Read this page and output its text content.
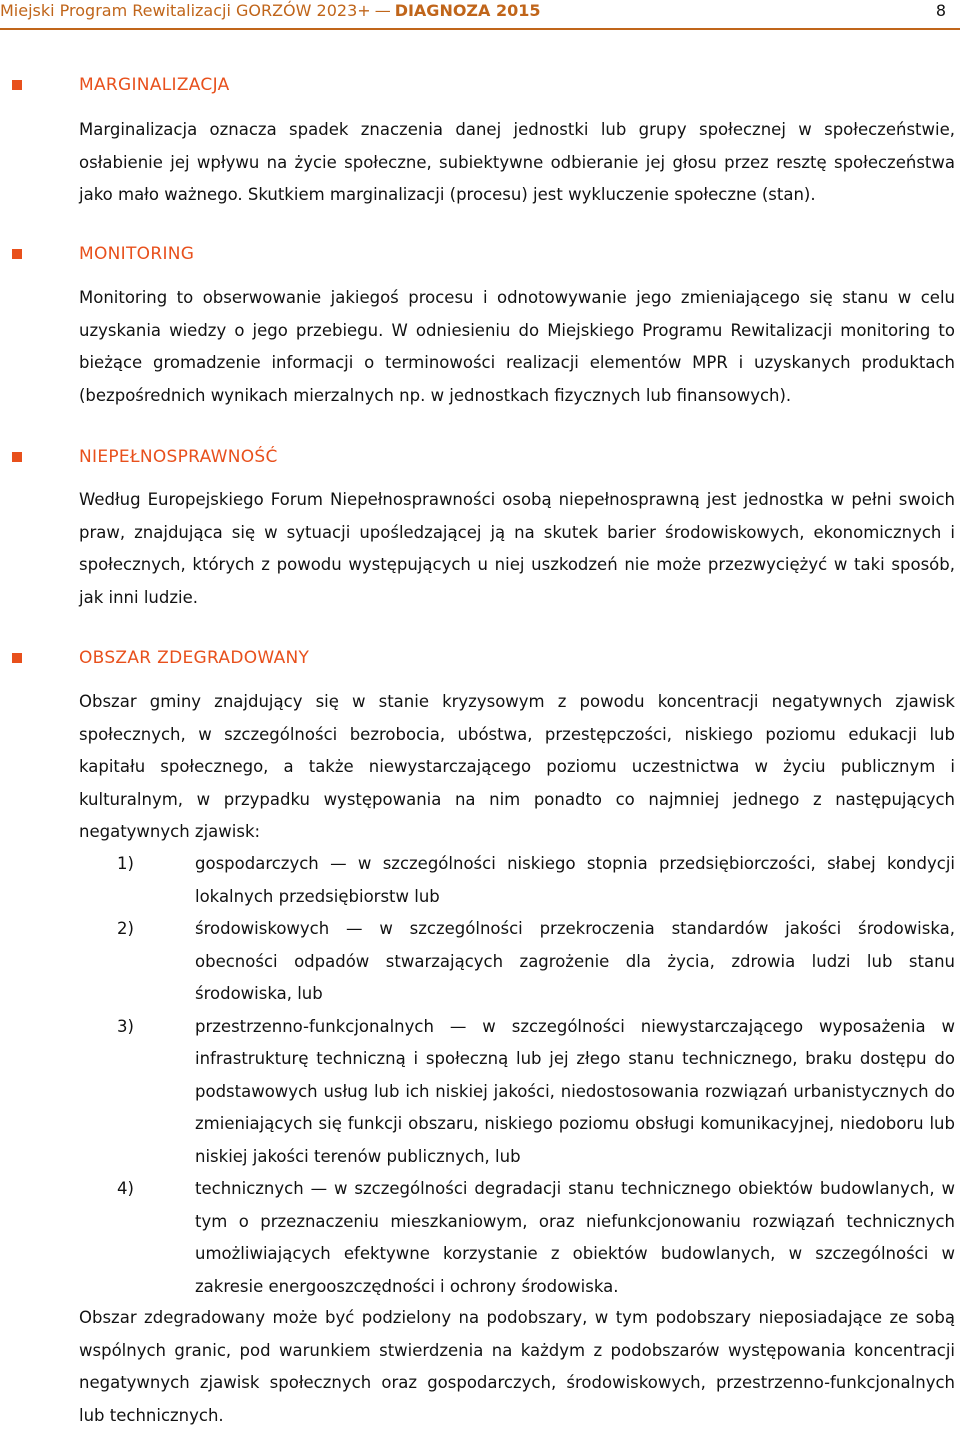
Miejski Program Rewitalizacji GORZÓW 2023+ — DIAGNOZA 2015	8
MARGINALIZACJA

Marginalizacja oznacza spadek znaczenia danej jednostki lub grupy społecznej w społeczeństwie, osłabienie jej wpływu na życie społeczne, subiektywne odbieranie jej głosu przez resztę społeczeństwa jako mało ważnego. Skutkiem marginalizacji (procesu) jest wykluczenie społeczne (stan).

MONITORING

Monitoring to obserwowanie jakiegoś procesu i odnotowywanie jego zmieniającego się stanu w celu uzyskania wiedzy o jego przebiegu. W odniesieniu do Miejskiego Programu Rewitalizacji monitoring to bieżące gromadzenie informacji o terminowości realizacji elementów MPR i uzyskanych produktach (bezpośrednich wynikach mierzalnych np. w jednostkach fizycznych lub finansowych).

NIEPEŁNOSPRAWNOŚĆ

Według Europejskiego Forum Niepełnosprawności osobą niepełnosprawną jest jednostka w pełni swoich praw, znajdująca się w sytuacji upośledzającej ją na skutek barier środowiskowych, ekonomicznych i społecznych, których z powodu występujących u niej uszkodzeń nie może przezwyciężyć w taki sposób, jak inni ludzie.

OBSZAR ZDEGRADOWANY

Obszar gminy znajdujący się w stanie kryzysowym z powodu koncentracji negatywnych zjawisk społecznych, w szczególności bezrobocia, ubóstwa, przestępczości, niskiego poziomu edukacji lub kapitału społecznego, a także niewystarczającego poziomu uczestnictwa w życiu publicznym i kulturalnym, w przypadku występowania na nim ponadto co najmniej jednego z następujących negatywnych zjawisk:

1)	gospodarczych — w szczególności niskiego stopnia przedsiębiorczości, słabej kondycji lokalnych przedsiębiorstw lub
2)	środowiskowych — w szczególności przekroczenia standardów jakości środowiska, obecności odpadów stwarzających zagrożenie dla życia, zdrowia ludzi lub stanu środowiska, lub
3)	przestrzenno-funkcjonalnych — w szczególności niewystarczającego wyposażenia w infrastrukturę techniczną i społeczną lub jej złego stanu technicznego, braku dostępu do podstawowych usług lub ich niskiej jakości, niedostosowania rozwiązań urbanistycznych do zmieniających się funkcji obszaru, niskiego poziomu obsługi komunikacyjnej, niedoboru lub niskiej jakości terenów publicznych, lub
4)	technicznych — w szczególności degradacji stanu technicznego obiektów budowlanych, w tym o przeznaczeniu mieszkaniowym, oraz niefunkcjonowaniu rozwiązań technicznych umożliwiających efektywne korzystanie z obiektów budowlanych, w szczególności w zakresie energooszczędności i ochrony środowiska.

Obszar zdegradowany może być podzielony na podobszary, w tym podobszary nieposiadające ze sobą wspólnych granic, pod warunkiem stwierdzenia na każdym z podobszarów występowania koncentracji negatywnych zjawisk społecznych oraz gospodarczych, środowiskowych, przestrzenno-funkcjonalnych lub technicznych.
